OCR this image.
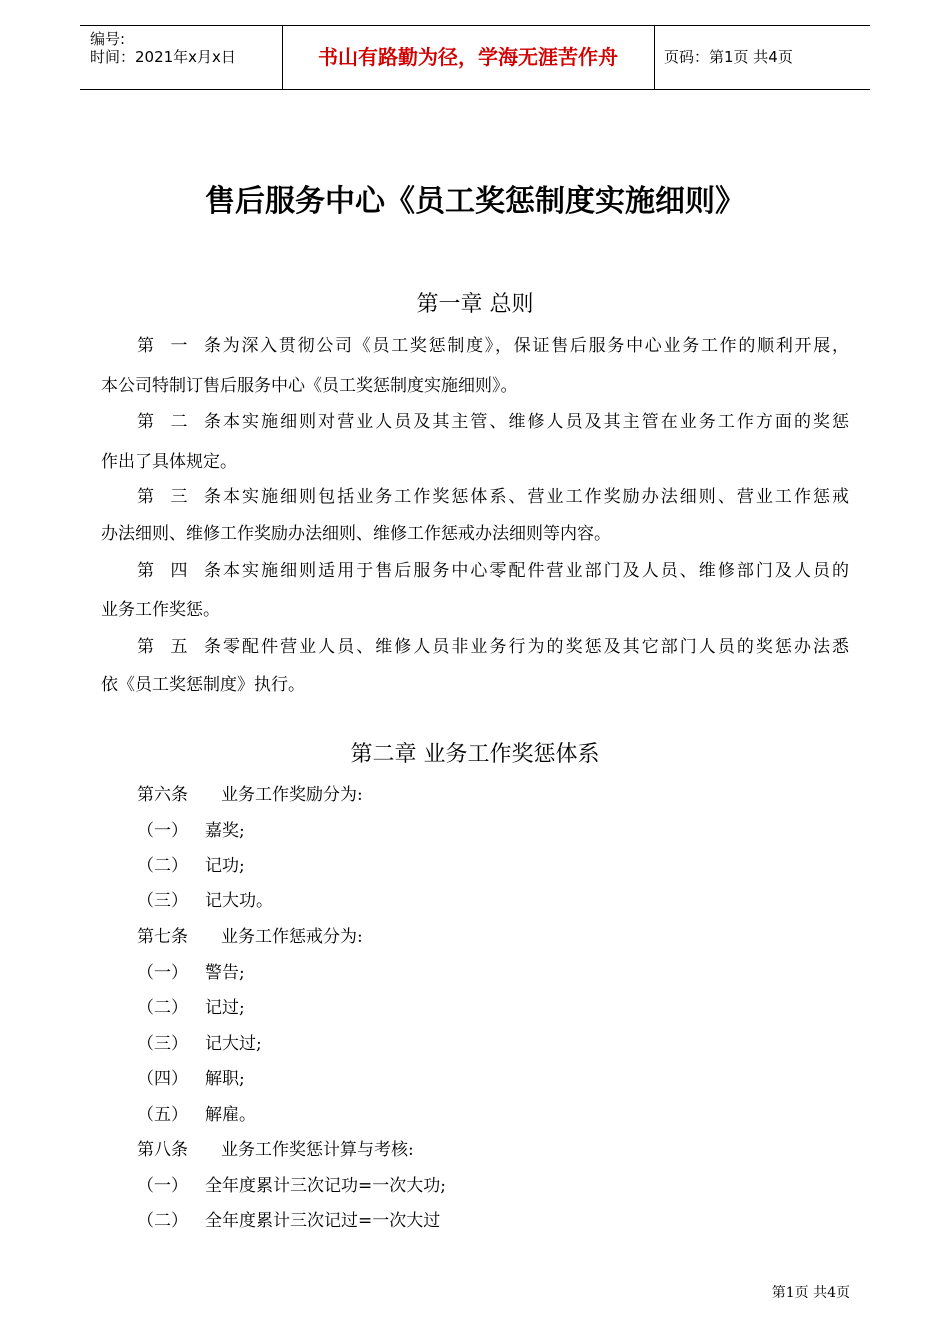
编号:
时间：2021年x月x日	书山有路勤为径，学海无涯苦作舟	页码：第1页 共4页
售后服务中心《员工奖惩制度实施细则》
第一章 总则
第一条为深入贯彻公司《员工奖惩制度》，保证售后服务中心业务工作的顺利开展，
本公司特制订售后服务中心《员工奖惩制度实施细则》。
第二条本实施细则对营业人员及其主管、维修人员及其主管在业务工作方面的奖惩
作出了具体规定。
第三条本实施细则包括业务工作奖惩体系、营业工作奖励办法细则、营业工作惩戒
办法细则、维修工作奖励办法细则、维修工作惩戒办法细则等内容。
第四条本实施细则适用于售后服务中心零配件营业部门及人员、维修部门及人员的
业务工作奖惩。
第五条零配件营业人员、维修人员非业务行为的奖惩及其它部门人员的奖惩办法悉
依《员工奖惩制度》执行。
第二章 业务工作奖惩体系
第六条 业务工作奖励分为:
（一） 嘉奖;
（二） 记功;
（三） 记大功。
第七条 业务工作惩戒分为:
（一） 警告;
（二） 记过;
（三） 记大过;
（四） 解职;
（五） 解雇。
第八条 业务工作奖惩计算与考核:
（一） 全年度累计三次记功=一次大功;
（二） 全年度累计三次记过=一次大过
第1页 共4页
